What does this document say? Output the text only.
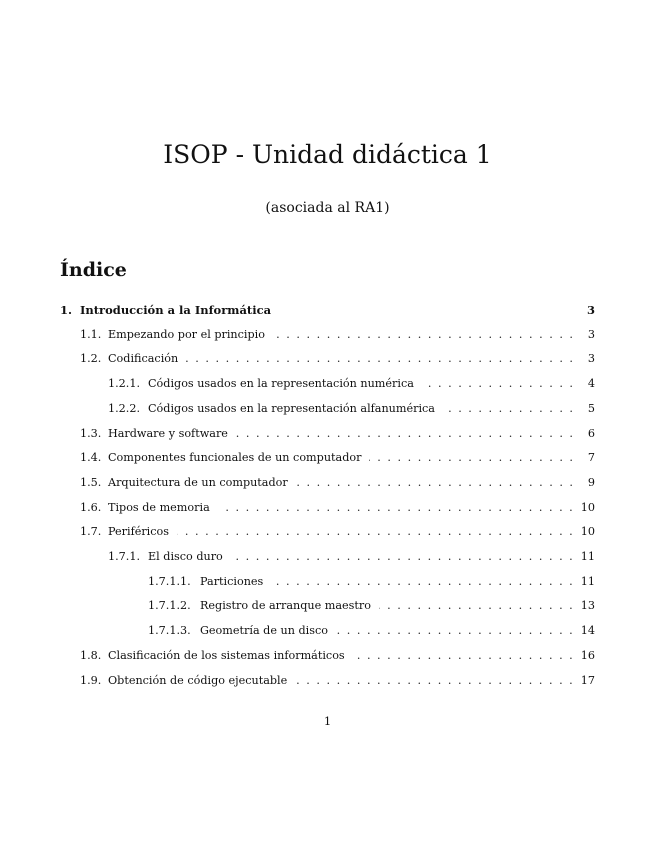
ISOP - Unidad didáctica 1
(asociada al RA1)
Índice
1. Introducción a la Informática	3
1.1. Empezando por el principio . . .	3
1.2. Codificación . . .	3
1.2.1. Códigos usados en la representación numérica . . .	4
1.2.2. Códigos usados en la representación alfanumérica . . .	5
1.3. Hardware y software . . .	6
1.4. Componentes funcionales de un computador . . .	7
1.5. Arquitectura de un computador . . .	9
1.6. Tipos de memoria . . .	10
1.7. Periféricos . . .	10
1.7.1. El disco duro . . .	11
1.7.1.1. Particiones . . .	11
1.7.1.2. Registro de arranque maestro . . .	13
1.7.1.3. Geometría de un disco . . .	14
1.8. Clasificación de los sistemas informáticos . . .	16
1.9. Obtención de código ejecutable . . .	17
1
